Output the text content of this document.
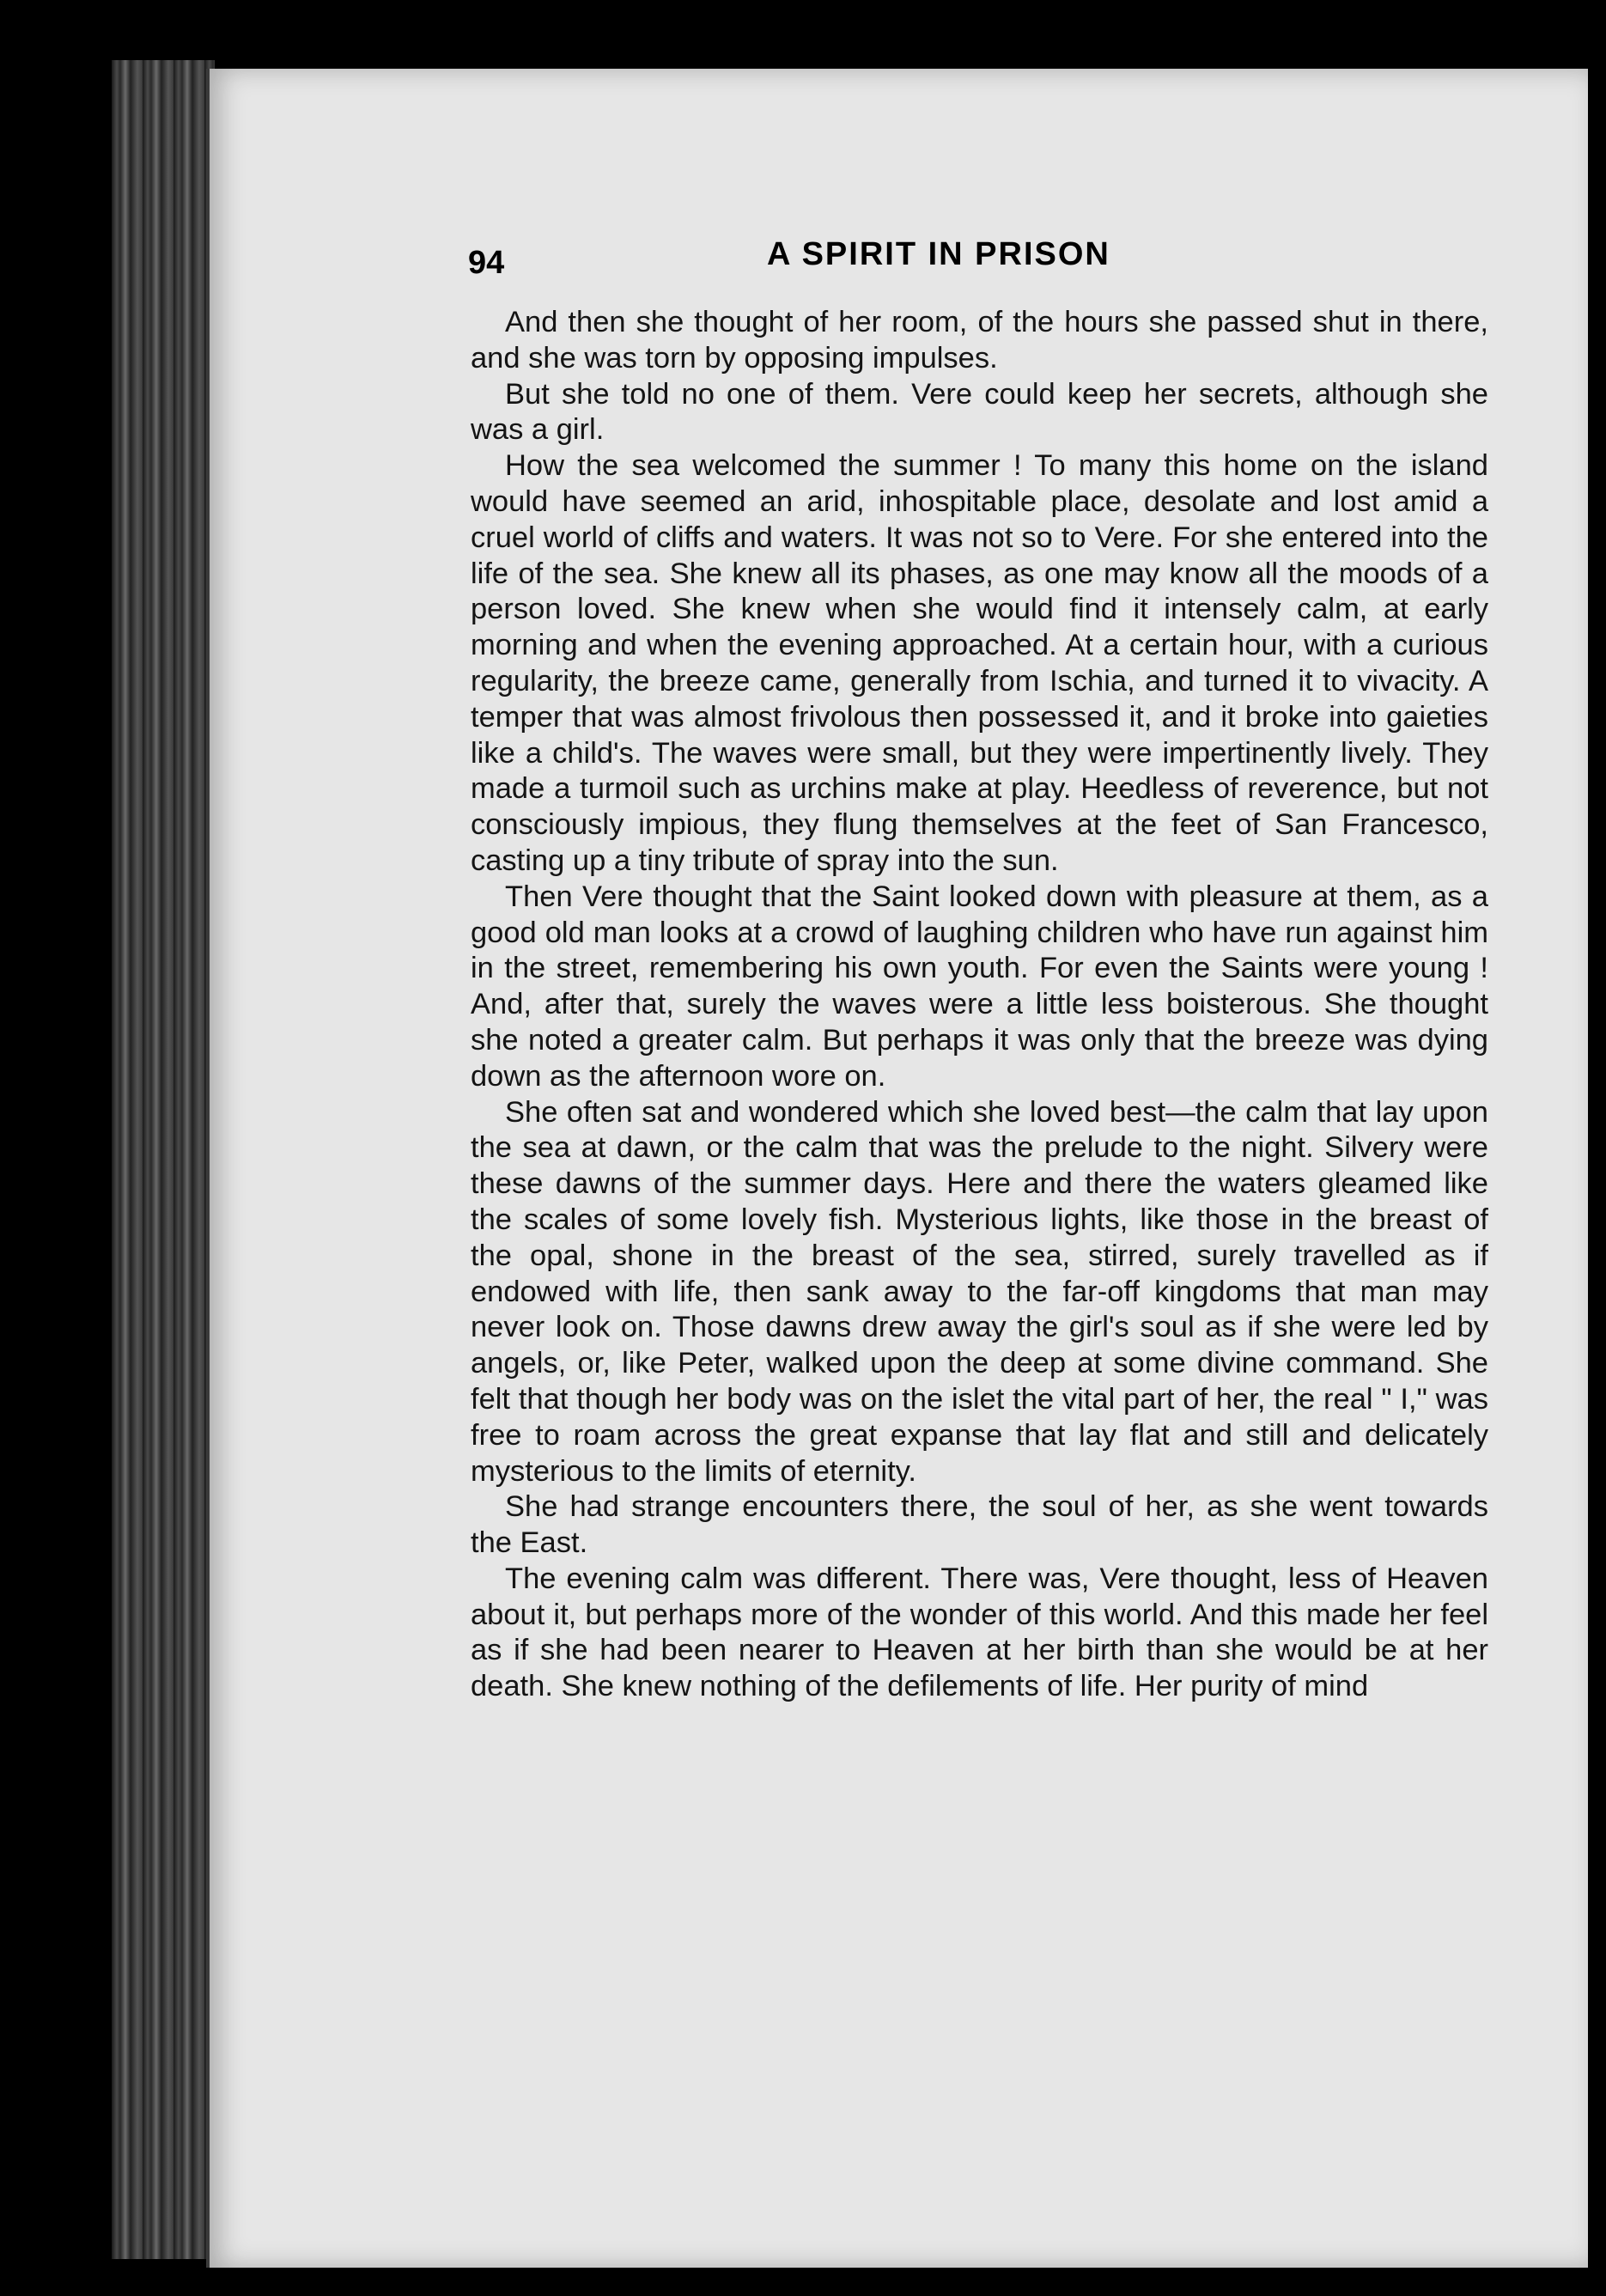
94	A SPIRIT IN PRISON

And then she thought of her room, of the hours she passed shut in there, and she was torn by opposing impulses.

But she told no one of them. Vere could keep her secrets, although she was a girl.

How the sea welcomed the summer ! To many this home on the island would have seemed an arid, inhospitable place, desolate and lost amid a cruel world of cliffs and waters. It was not so to Vere. For she entered into the life of the sea. She knew all its phases, as one may know all the moods of a person loved. She knew when she would find it intensely calm, at early morning and when the evening approached. At a certain hour, with a curious regularity, the breeze came, generally from Ischia, and turned it to vivacity. A temper that was almost frivolous then possessed it, and it broke into gaieties like a child's. The waves were small, but they were impertinently lively. They made a turmoil such as urchins make at play. Heedless of reverence, but not consciously impious, they flung themselves at the feet of San Francesco, casting up a tiny tribute of spray into the sun.

Then Vere thought that the Saint looked down with pleasure at them, as a good old man looks at a crowd of laughing children who have run against him in the street, remembering his own youth. For even the Saints were young ! And, after that, surely the waves were a little less boisterous. She thought she noted a greater calm. But perhaps it was only that the breeze was dying down as the afternoon wore on.

She often sat and wondered which she loved best—the calm that lay upon the sea at dawn, or the calm that was the prelude to the night. Silvery were these dawns of the summer days. Here and there the waters gleamed like the scales of some lovely fish. Mysterious lights, like those in the breast of the opal, shone in the breast of the sea, stirred, surely travelled as if endowed with life, then sank away to the far-off kingdoms that man may never look on. Those dawns drew away the girl's soul as if she were led by angels, or, like Peter, walked upon the deep at some divine command. She felt that though her body was on the islet the vital part of her, the real " I," was free to roam across the great expanse that lay flat and still and delicately mysterious to the limits of eternity.

She had strange encounters there, the soul of her, as she went towards the East.

The evening calm was different. There was, Vere thought, less of Heaven about it, but perhaps more of the wonder of this world. And this made her feel as if she had been nearer to Heaven at her birth than she would be at her death. She knew nothing of the defilements of life. Her purity of mind
